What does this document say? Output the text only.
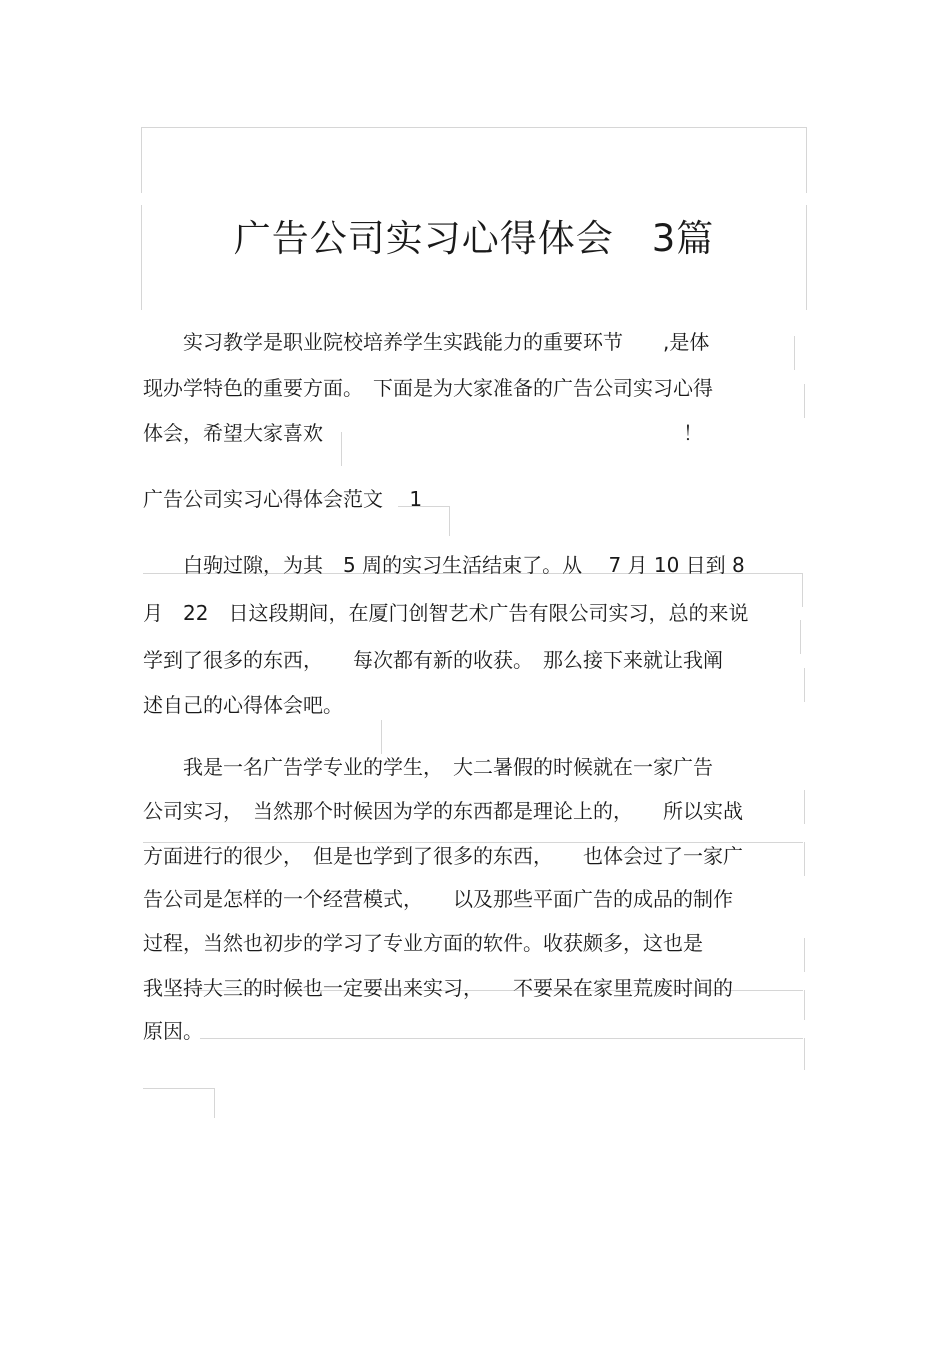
广告公司实习心得体会　3篇
　　实习教学是职业院校培养学生实践能力的重要环节　　,是体
现办学特色的重要方面。　下面是为大家准备的广告公司实习心得
体会，希望大家喜欢　　　　　　　　　　　　　　　　　　！
广告公司实习心得体会范文　 1
　　白驹过隙，为其　5 周的实习生活结束了。从　 7 月 10 日到 8
月　22　日这段期间，在厦门创智艺术广告有限公司实习，总的来说
学到了很多的东西，　　每次都有新的收获。　那么接下来就让我阐
述自己的心得体会吧。
　　我是一名广告学专业的学生，　大二暑假的时候就在一家广告
公司实习，　当然那个时候因为学的东西都是理论上的，　　所以实战
方面进行的很少，　但是也学到了很多的东西，　　也体会过了一家广
告公司是怎样的一个经营模式，　　以及那些平面广告的成品的制作
过程，当然也初步的学习了专业方面的软件。收获颇多，这也是
我坚持大三的时候也一定要出来实习，　　不要呆在家里荒废时间的
原因。
